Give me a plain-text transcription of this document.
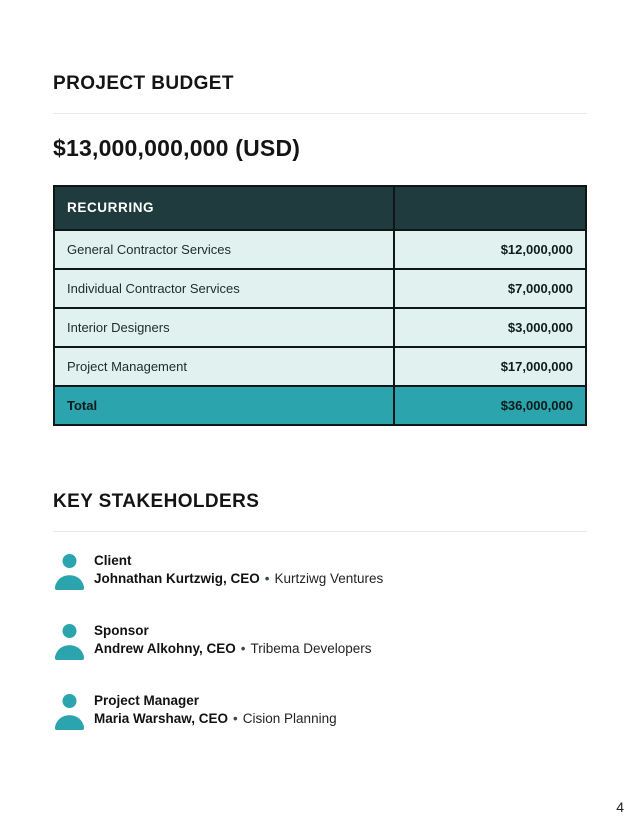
PROJECT BUDGET
$13,000,000,000 (USD)
RECURRING	
General Contractor Services	$12,000,000
Individual Contractor Services	$7,000,000
Interior Designers	$3,000,000
Project Management	$17,000,000
Total	$36,000,000
KEY STAKEHOLDERS
Client
Johnathan Kurtzwig, CEO • Kurtziwg Ventures
Sponsor
Andrew Alkohny, CEO • Tribema Developers
Project Manager
Maria Warshaw, CEO • Cision Planning
4
